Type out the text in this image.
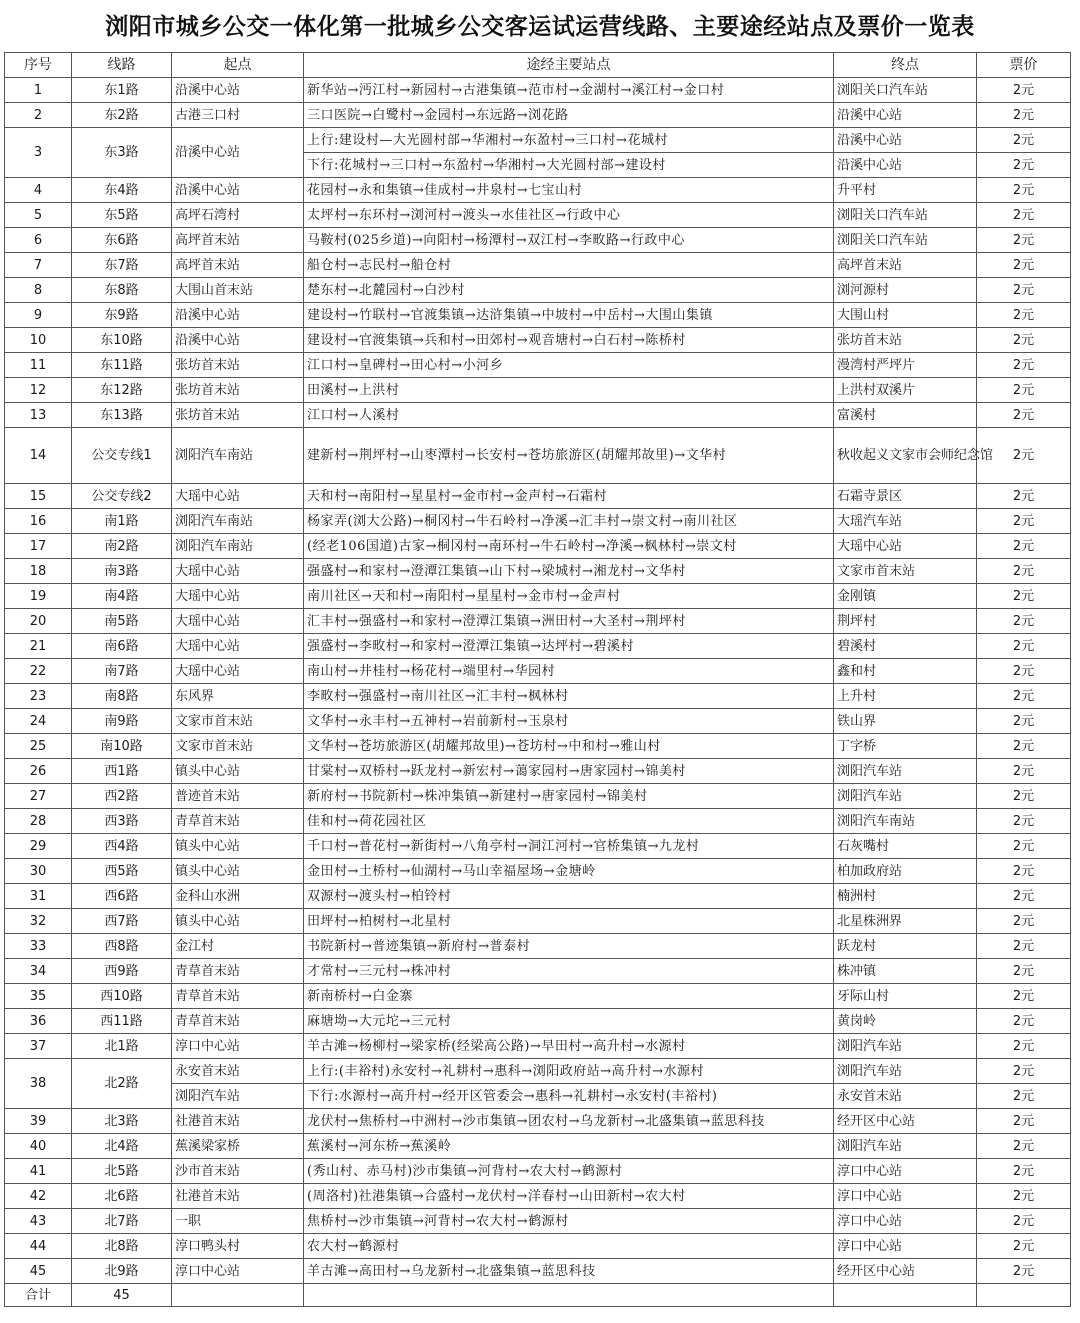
浏阳市城乡公交一体化第一批城乡公交客运试运营线路、主要途经站点及票价一览表
序号	线路	起点	途经主要站点	终点	票价
1	东1路	沿溪中心站	新华站→沔江村→新园村→古港集镇→范市村→金湖村→溪江村→金口村	浏阳关口汽车站	2元
2	东2路	古港三口村	三口医院→白鹭村→金园村→东远路→浏花路	沿溪中心站	2元
3	东3路	沿溪中心站	上行:建设村—大光圆村部→华湘村→东盈村→三口村→花城村	沿溪中心站	2元
			下行:花城村→三口村→东盈村→华湘村→大光圆村部→建设村	沿溪中心站	2元
4	东4路	沿溪中心站	花园村→永和集镇→佳成村→井泉村→七宝山村	升平村	2元
5	东5路	高坪石湾村	太坪村→东环村→浏河村→渡头→水佳社区→行政中心	浏阳关口汽车站	2元
6	东6路	高坪首末站	马鞍村(025乡道)→向阳村→杨潭村→双江村→李畋路→行政中心	浏阳关口汽车站	2元
7	东7路	高坪首末站	船仓村→志民村→船仓村	高坪首末站	2元
8	东8路	大围山首末站	楚东村→北麓园村→白沙村	浏河源村	2元
9	东9路	沿溪中心站	建设村→竹联村→官渡集镇→达浒集镇→中坡村→中岳村→大围山集镇	大围山村	2元
10	东10路	沿溪中心站	建设村→官渡集镇→兵和村→田郊村→观音塘村→白石村→陈桥村	张坊首末站	2元
11	东11路	张坊首末站	江口村→皇碑村→田心村→小河乡	漫湾村严坪片	2元
12	东12路	张坊首末站	田溪村→上洪村	上洪村双溪片	2元
13	东13路	张坊首末站	江口村→人溪村	富溪村	2元
14	公交专线1	浏阳汽车南站	建新村→荆坪村→山枣潭村→长安村→苍坊旅游区(胡耀邦故里)→文华村	秋收起义文家市会师纪念馆	2元
15	公交专线2	大瑶中心站	天和村→南阳村→星星村→金市村→金声村→石霜村	石霜寺景区	2元
16	南1路	浏阳汽车南站	杨家弄(浏大公路)→桐冈村→牛石岭村→净溪→汇丰村→崇文村→南川社区	大瑶汽车站	2元
17	南2路	浏阳汽车南站	(经老106国道)古家→桐冈村→南环村→牛石岭村→净溪→枫林村→崇文村	大瑶中心站	2元
18	南3路	大瑶中心站	强盛村→和家村→澄潭江集镇→山下村→梁城村→湘龙村→文华村	文家市首末站	2元
19	南4路	大瑶中心站	南川社区→天和村→南阳村→星星村→金市村→金声村	金刚镇	2元
20	南5路	大瑶中心站	汇丰村→强盛村→和家村→澄潭江集镇→洲田村→大圣村→荆坪村	荆坪村	2元
21	南6路	大瑶中心站	强盛村→李畋村→和家村→澄潭江集镇→达坪村→碧溪村	碧溪村	2元
22	南7路	大瑶中心站	南山村→井桂村→杨花村→端里村→华园村	鑫和村	2元
23	南8路	东风界	李畋村→强盛村→南川社区→汇丰村→枫林村	上升村	2元
24	南9路	文家市首末站	文华村→永丰村→五神村→岩前新村→玉泉村	铁山界	2元
25	南10路	文家市首末站	文华村→苍坊旅游区(胡耀邦故里)→苍坊村→中和村→雅山村	丁字桥	2元
26	西1路	镇头中心站	甘棠村→双桥村→跃龙村→新宏村→蔼家园村→唐家园村→锦美村	浏阳汽车站	2元
27	西2路	普迹首末站	新府村→书院新村→株冲集镇→新建村→唐家园村→锦美村	浏阳汽车站	2元
28	西3路	青草首末站	佳和村→荷花园社区	浏阳汽车南站	2元
29	西4路	镇头中心站	千口村→普花村→新街村→八角亭村→洞江河村→官桥集镇→九龙村	石灰嘴村	2元
30	西5路	镇头中心站	金田村→土桥村→仙湖村→马山幸福屋场→金塘岭	柏加政府站	2元
31	西6路	金科山水洲	双源村→渡头村→柏铃村	楠洲村	2元
32	西7路	镇头中心站	田坪村→柏树村→北星村	北星株洲界	2元
33	西8路	金江村	书院新村→普迹集镇→新府村→普泰村	跃龙村	2元
34	西9路	青草首末站	才常村→三元村→株冲村	株冲镇	2元
35	西10路	青草首末站	新南桥村→白金寨	牙际山村	2元
36	西11路	青草首末站	麻塘坳→大元坨→三元村	黄岗岭	2元
37	北1路	淳口中心站	羊古滩→杨柳村→梁家桥(经梁高公路)→早田村→高升村→水源村	浏阳汽车站	2元
38	北2路	永安首末站	上行:(丰裕村)永安村→礼耕村→惠科→浏阳政府站→高升村→水源村	浏阳汽车站	2元
		浏阳汽车站	下行:水源村→高升村→经开区管委会→惠科→礼耕村→永安村(丰裕村)	永安首末站	2元
39	北3路	社港首末站	龙伏村→焦桥村→中洲村→沙市集镇→团农村→乌龙新村→北盛集镇→蓝思科技	经开区中心站	2元
40	北4路	蕉溪梁家桥	蕉溪村→河东桥→蕉溪岭	浏阳汽车站	2元
41	北5路	沙市首末站	(秀山村、赤马村)沙市集镇→河背村→农大村→鹤源村	淳口中心站	2元
42	北6路	社港首末站	(周洛村)社港集镇→合盛村→龙伏村→洋春村→山田新村→农大村	淳口中心站	2元
43	北7路	一职	焦桥村→沙市集镇→河背村→农大村→鹤源村	淳口中心站	2元
44	北8路	淳口鸭头村	农大村→鹤源村	淳口中心站	2元
45	北9路	淳口中心站	羊古滩→高田村→乌龙新村→北盛集镇→蓝思科技	经开区中心站	2元
合计	45				
